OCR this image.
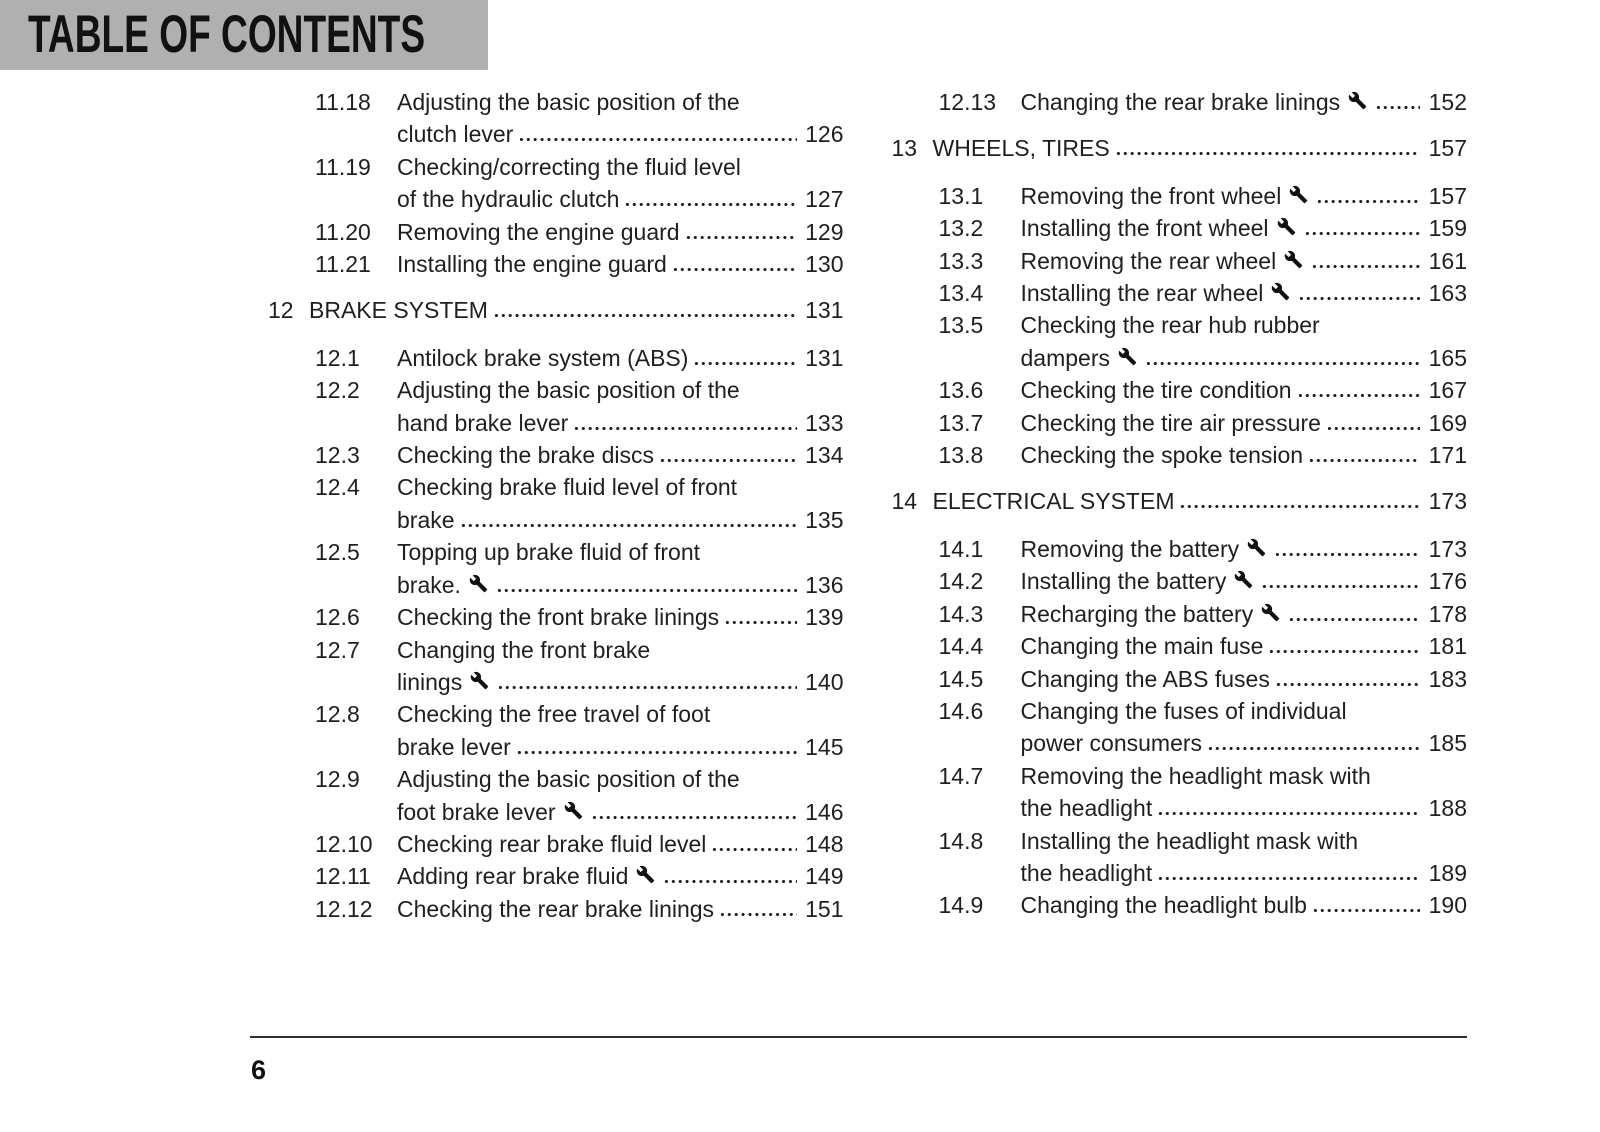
TABLE OF CONTENTS
11.18	Adjusting the basic position of the
clutch lever	126
11.19	Checking/correcting the fluid level
of the hydraulic clutch	127
11.20	Removing the engine guard	129
11.21	Installing the engine guard	130
12 BRAKE SYSTEM	131
12.1	Antilock brake system (ABS)	131
12.2	Adjusting the basic position of the
hand brake lever	133
12.3	Checking the brake discs	134
12.4	Checking brake fluid level of front
brake	135
12.5	Topping up brake fluid of front
brake.	136
12.6	Checking the front brake linings	139
12.7	Changing the front brake
linings	140
12.8	Checking the free travel of foot
brake lever	145
12.9	Adjusting the basic position of the
foot brake lever	146
12.10	Checking rear brake fluid level	148
12.11	Adding rear brake fluid	149
12.12	Checking the rear brake linings	151
12.13	Changing the rear brake linings	152
13 WHEELS, TIRES	157
13.1	Removing the front wheel	157
13.2	Installing the front wheel	159
13.3	Removing the rear wheel	161
13.4	Installing the rear wheel	163
13.5	Checking the rear hub rubber
dampers	165
13.6	Checking the tire condition	167
13.7	Checking the tire air pressure	169
13.8	Checking the spoke tension	171
14 ELECTRICAL SYSTEM	173
14.1	Removing the battery	173
14.2	Installing the battery	176
14.3	Recharging the battery	178
14.4	Changing the main fuse	181
14.5	Changing the ABS fuses	183
14.6	Changing the fuses of individual
power consumers	185
14.7	Removing the headlight mask with
the headlight	188
14.8	Installing the headlight mask with
the headlight	189
14.9	Changing the headlight bulb	190
6
